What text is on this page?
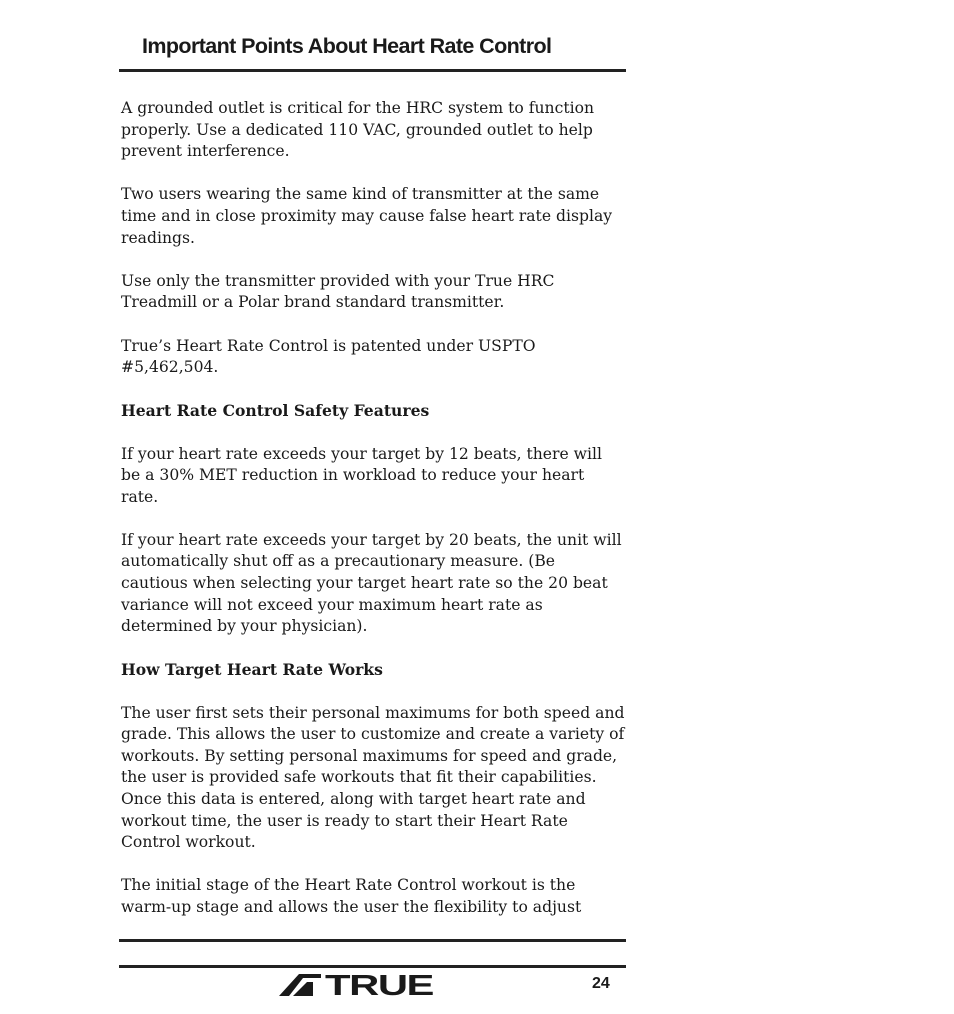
Important Points About Heart Rate Control

A grounded outlet is critical for the HRC system to function properly. Use a dedicated 110 VAC, grounded outlet to help prevent interference.

Two users wearing the same kind of transmitter at the same time and in close proximity may cause false heart rate display readings.

Use only the transmitter provided with your True HRC Treadmill or a Polar brand standard transmitter.

True’s Heart Rate Control is patented under USPTO #5,462,504.

Heart Rate Control Safety Features

If your heart rate exceeds your target by 12 beats, there will be a 30% MET reduction in workload to reduce your heart rate.

If your heart rate exceeds your target by 20 beats, the unit will automatically shut off as a precautionary measure. (Be cautious when selecting your target heart rate so the 20 beat variance will not exceed your maximum heart rate as determined by your physician).

How Target Heart Rate Works

The user first sets their personal maximums for both speed and grade. This allows the user to customize and create a variety of workouts. By setting personal maximums for speed and grade, the user is provided safe workouts that fit their capabilities. Once this data is entered, along with target heart rate and workout time, the user is ready to start their Heart Rate Control workout.

The initial stage of the Heart Rate Control workout is the warm-up stage and allows the user the flexibility to adjust

TRUE	24
